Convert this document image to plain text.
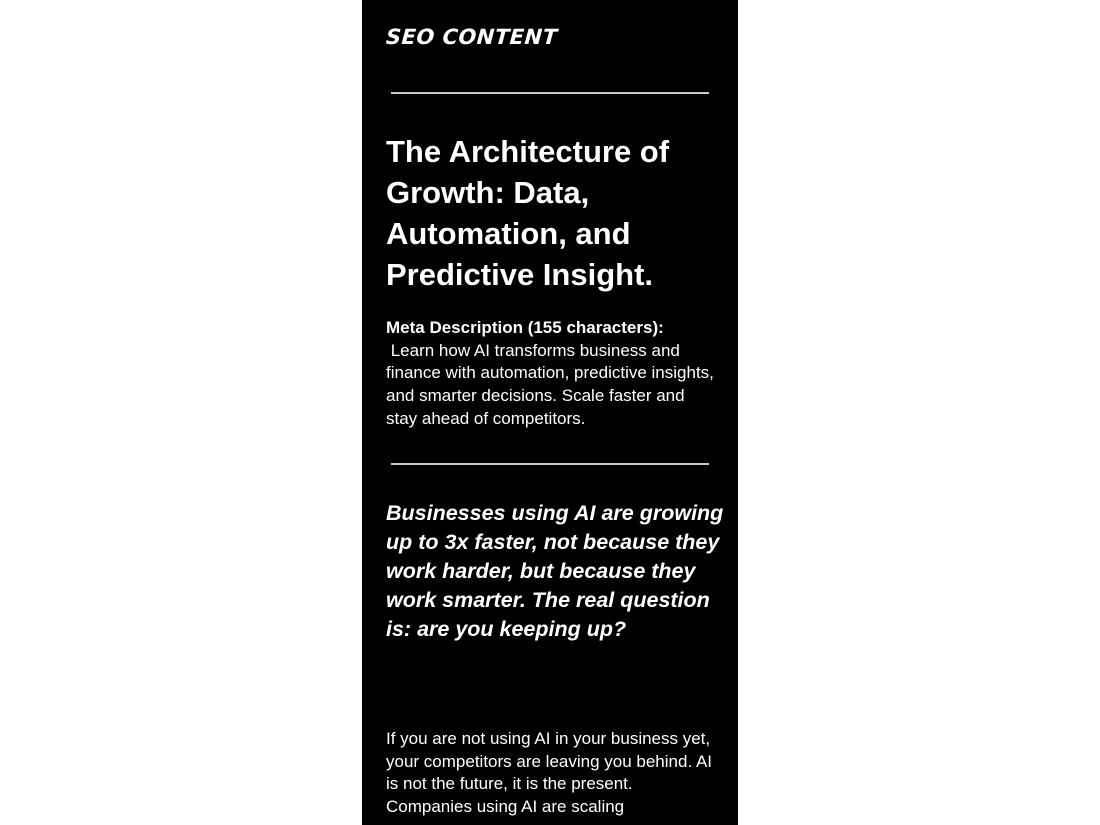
SEO CONTENT
The Architecture of Growth: Data, Automation, and Predictive Insight.

Meta Description (155 characters):
Learn how AI transforms business and finance with automation, predictive insights, and smarter decisions. Scale faster and stay ahead of competitors.

Businesses using AI are growing up to 3x faster, not because they work harder, but because they work smarter. The real question is: are you keeping up?

If you are not using AI in your business yet, your competitors are leaving you behind. AI is not the future, it is the present. Companies using AI are scaling
